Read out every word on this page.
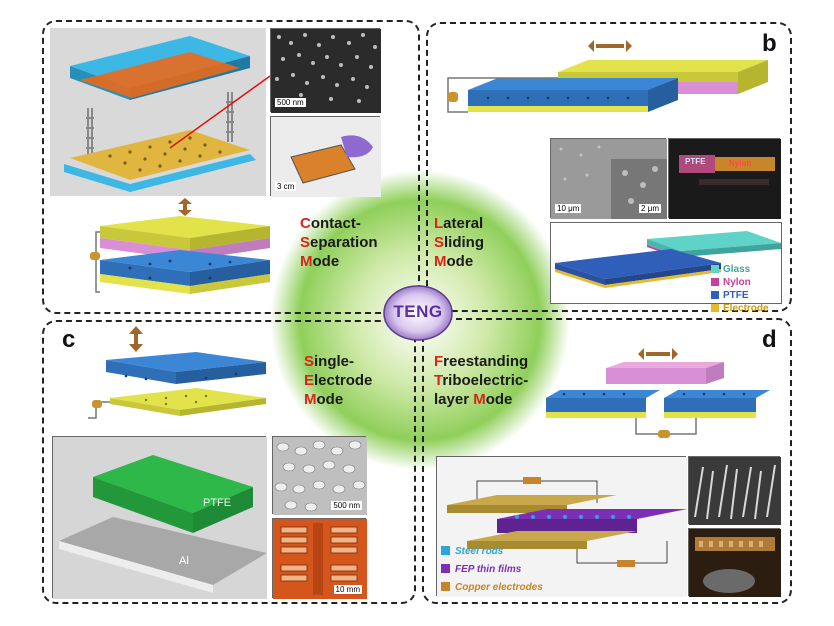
500 nm
3 cm
Contact-
Separation
Mode
b
10 μm	2 μm
PTFE	Nylon
Glass
Nylon
PTFE
Electrode
Lateral
Sliding
Mode
c
PTFE
Al
500 nm
10 mm
Single-
Electrode
Mode
d
Freestanding
Triboelectric-
layer Mode
Steel rods
FEP thin films
Copper electrodes
TENG
